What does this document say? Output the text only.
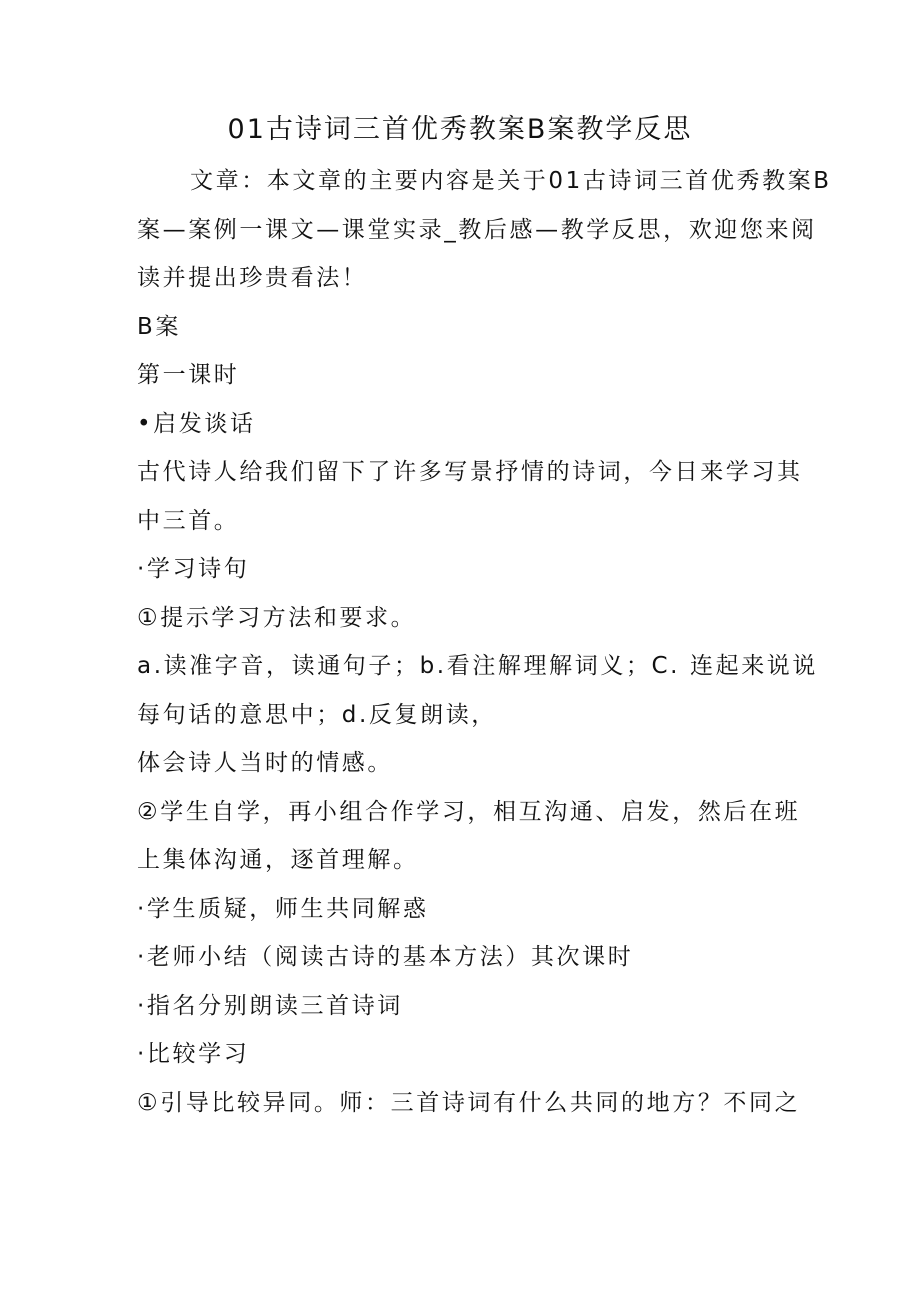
01古诗词三首优秀教案B案教学反思
文章：本文章的主要内容是关于01古诗词三首优秀教案B
案—案例一课文—课堂实录_教后感—教学反思，欢迎您来阅
读并提出珍贵看法！
B案
第一课时
•启发谈话
古代诗人给我们留下了许多写景抒情的诗词，今日来学习其
中三首。
·学习诗句
①提示学习方法和要求。
a.读准字音，读通句子；b.看注解理解词义；C. 连起来说说
每句话的意思中；d.反复朗读，
体会诗人当时的情感。
②学生自学，再小组合作学习，相互沟通、启发，然后在班
上集体沟通，逐首理解。
·学生质疑，师生共同解惑
·老师小结（阅读古诗的基本方法）其次课时
·指名分别朗读三首诗词
·比较学习
①引导比较异同。师：三首诗词有什么共同的地方？不同之
